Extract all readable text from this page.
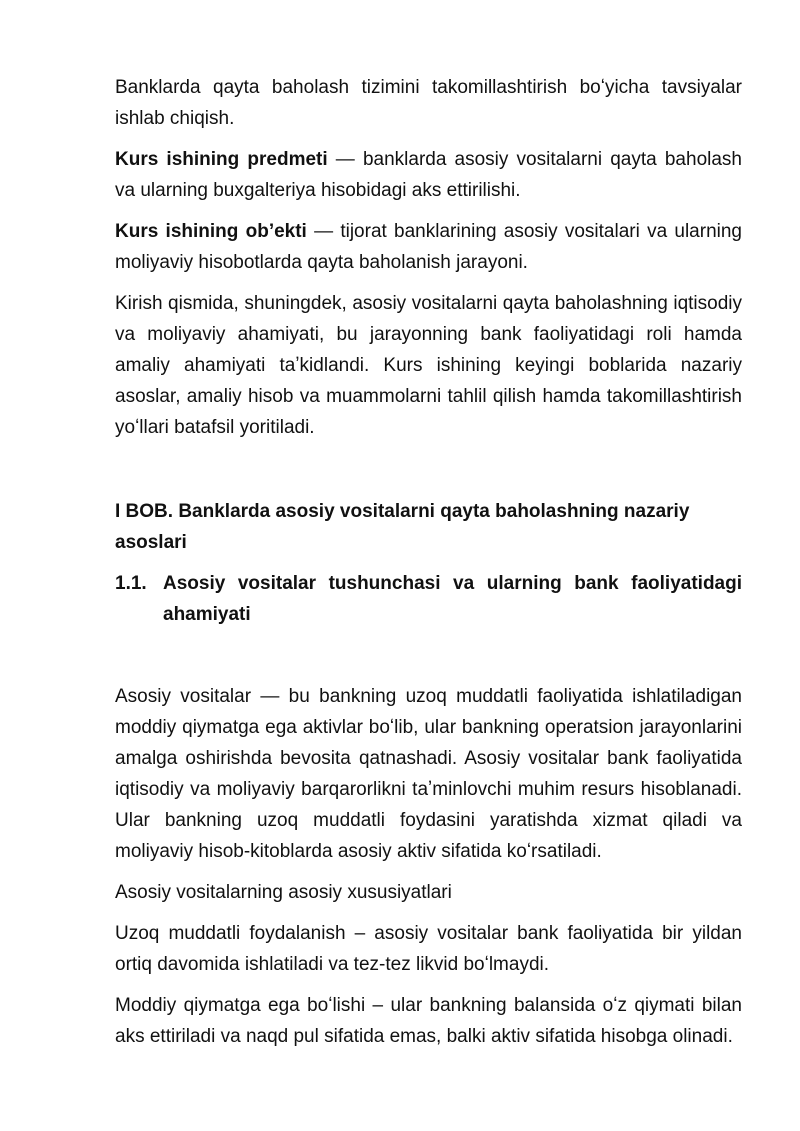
Banklarda qayta baholash tizimini takomillashtirish boʻyicha tavsiyalar ishlab chiqish.

Kurs ishining predmeti — banklarda asosiy vositalarni qayta baholash va ularning buxgalteriya hisobidagi aks ettirilishi.

Kurs ishining obʼekti — tijorat banklarining asosiy vositalari va ularning moliyaviy hisobotlarda qayta baholanish jarayoni.

Kirish qismida, shuningdek, asosiy vositalarni qayta baholashning iqtisodiy va moliyaviy ahamiyati, bu jarayonning bank faoliyatidagi roli hamda amaliy ahamiyati taʼkidlandi. Kurs ishining keyingi boblarida nazariy asoslar, amaliy hisob va muammolarni tahlil qilish hamda takomillashtirish yoʻllari batafsil yoritiladi.

I BOB. Banklarda asosiy vositalarni qayta baholashning nazariy asoslari

1.1. Asosiy vositalar tushunchasi va ularning bank faoliyatidagi ahamiyati

Asosiy vositalar — bu bankning uzoq muddatli faoliyatida ishlatiladigan moddiy qiymatga ega aktivlar boʻlib, ular bankning operatsion jarayonlarini amalga oshirishda bevosita qatnashadi. Asosiy vositalar bank faoliyatida iqtisodiy va moliyaviy barqarorlikni taʼminlovchi muhim resurs hisoblanadi. Ular bankning uzoq muddatli foydasini yaratishda xizmat qiladi va moliyaviy hisob-kitoblarda asosiy aktiv sifatida koʻrsatiladi.

Asosiy vositalarning asosiy xususiyatlari

Uzoq muddatli foydalanish – asosiy vositalar bank faoliyatida bir yildan ortiq davomida ishlatiladi va tez-tez likvid boʻlmaydi.

Moddiy qiymatga ega boʻlishi – ular bankning balansida oʻz qiymati bilan aks ettiriladi va naqd pul sifatida emas, balki aktiv sifatida hisobga olinadi.
